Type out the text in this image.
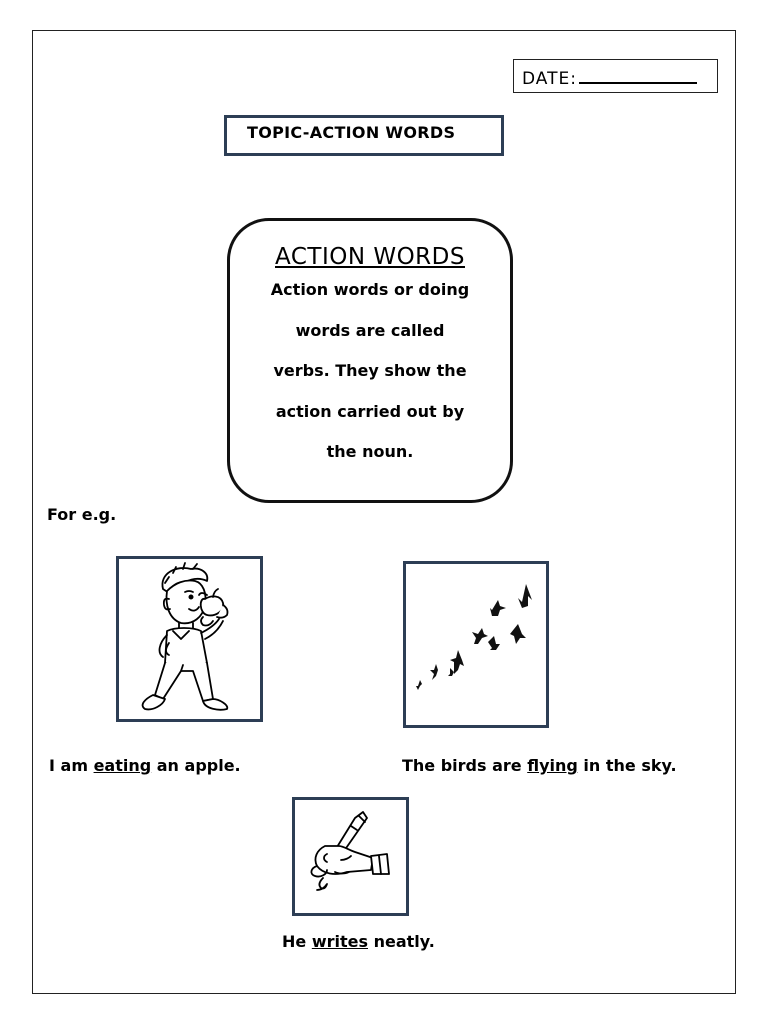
DATE:
TOPIC-ACTION WORDS
ACTION WORDS
Action words or doing
words are called
verbs. They show the
action carried out by
the noun.
For e.g.
I am eating an apple.	The birds are flying in the sky.
He writes neatly.
